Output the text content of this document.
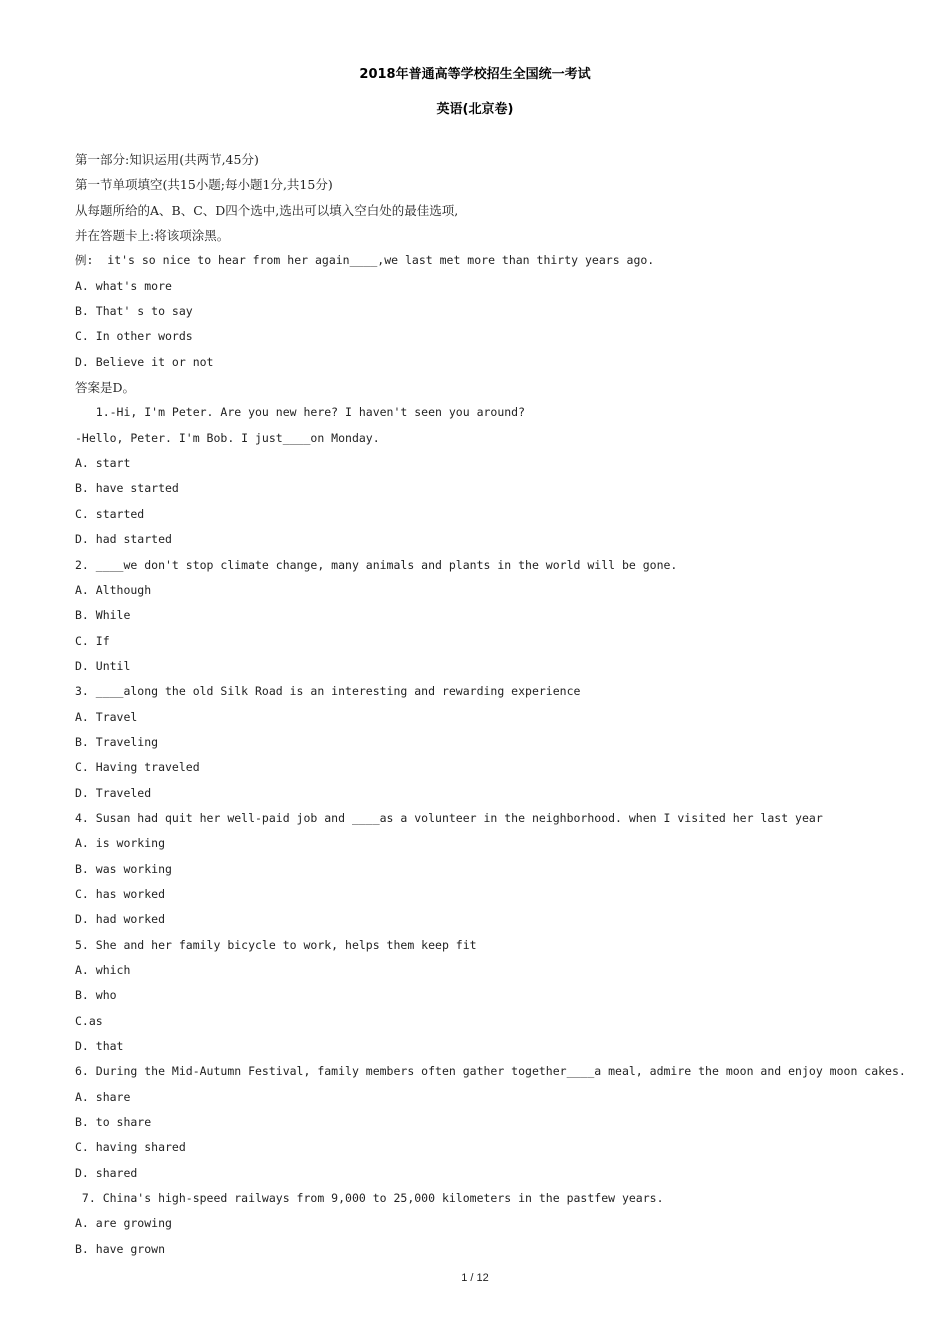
2018年普通高等学校招生全国统一考试
英语(北京卷)
第一部分:知识运用(共两节,45分)
第一节单项填空(共15小题;每小题1分,共15分)
从每题所给的A、B、C、D四个选中,选出可以填入空白处的最佳选项,
并在答题卡上:将该项涂黑。
例:  it's so nice to hear from her again____,we last met more than thirty years ago.
A. what's more
B. That' s to say
C. In other words
D. Believe it or not
答案是D。
1.-Hi, I'm Peter. Are you new here? I haven't seen you around?
-Hello, Peter. I'm Bob. I just____on Monday.
A. start
B. have started
C. started
D. had started
2. ____we don't stop climate change, many animals and plants in the world will be gone.
A. Although
B. While
C. If
D. Until
3. ____along the old Silk Road is an interesting and rewarding experience
A. Travel
B. Traveling
C. Having traveled
D. Traveled
4. Susan had quit her well-paid job and ____as a volunteer in the neighborhood. when I visited her last year
A. is working
B. was working
C. has worked
D. had worked
5. She and her family bicycle to work, helps them keep fit
A. which
B. who
C.as
D. that
6. During the Mid-Autumn Festival, family members often gather together____a meal, admire the moon and enjoy moon cakes.
A. share
B. to share
C. having shared
D. shared
7. China's high-speed railways from 9,000 to 25,000 kilometers in the pastfew years.
A. are growing
B. have grown
1 / 12
